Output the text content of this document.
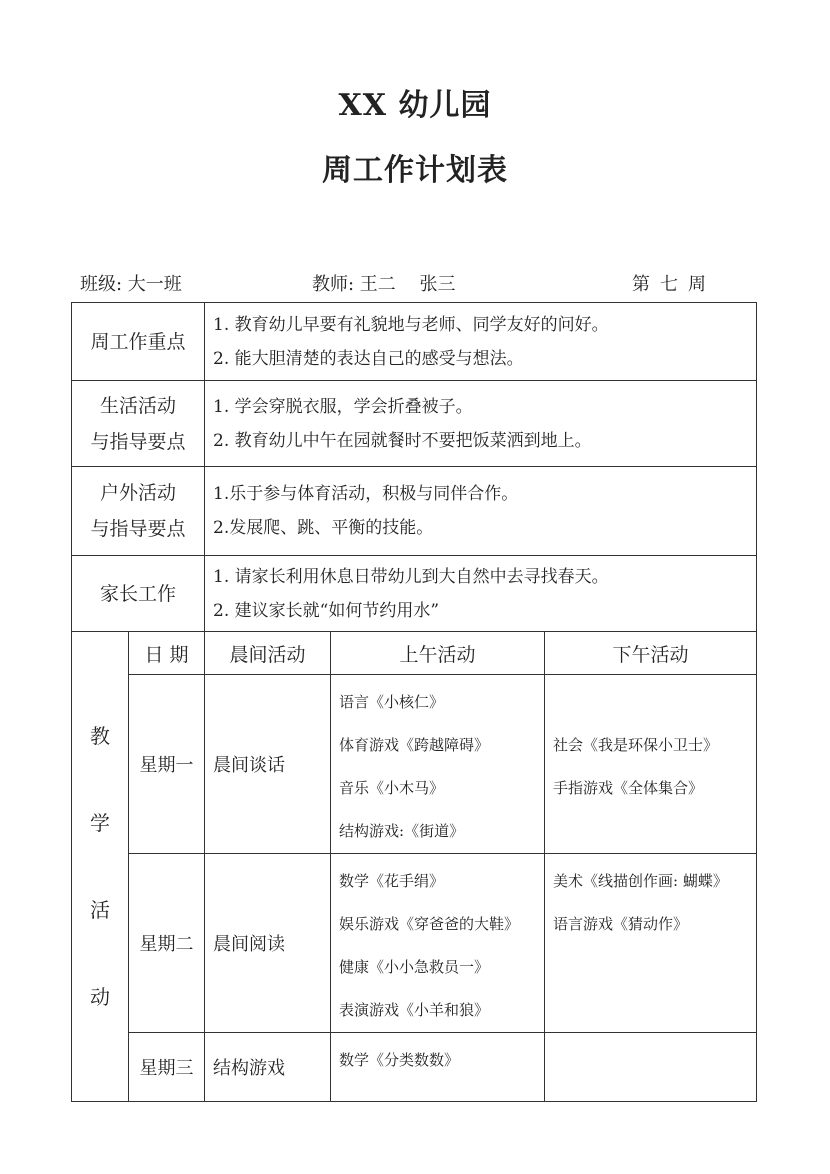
XX 幼儿园
周工作计划表
班级: 大一班	教师: 王二　 张三	第七周
周工作重点		1. 教育幼儿早要有礼貌地与老师、同学友好的问好。
2. 能大胆清楚的表达自己的感受与想法。		

生活活动
与指导要点		1. 学会穿脱衣服，学会折叠被子。
2. 教育幼儿中午在园就餐时不要把饭菜洒到地上。		

户外活动
与指导要点		1.乐于参与体育活动，积极与同伴合作。
2.发展爬、跳、平衡的技能。		

家长工作		1. 请家长利用休息日带幼儿到大自然中去寻找春天。
2. 建议家长就“如何节约用水”		

教
学
活
动	日 期	晨间活动	上午活动	下午活动
	星期一	晨间谈话	语言《小核仁》
体育游戏《跨越障碍》
音乐《小木马》
结构游戏:《街道》	社会《我是环保小卫士》
手指游戏《全体集合》

	星期二	晨间阅读	数学《花手绢》
娱乐游戏《穿爸爸的大鞋》
健康《小小急救员一》
表演游戏《小羊和狼》	美术《线描创作画: 蝴蝶》
语言游戏《猜动作》

	星期三	结构游戏	数学《分类数数》	
